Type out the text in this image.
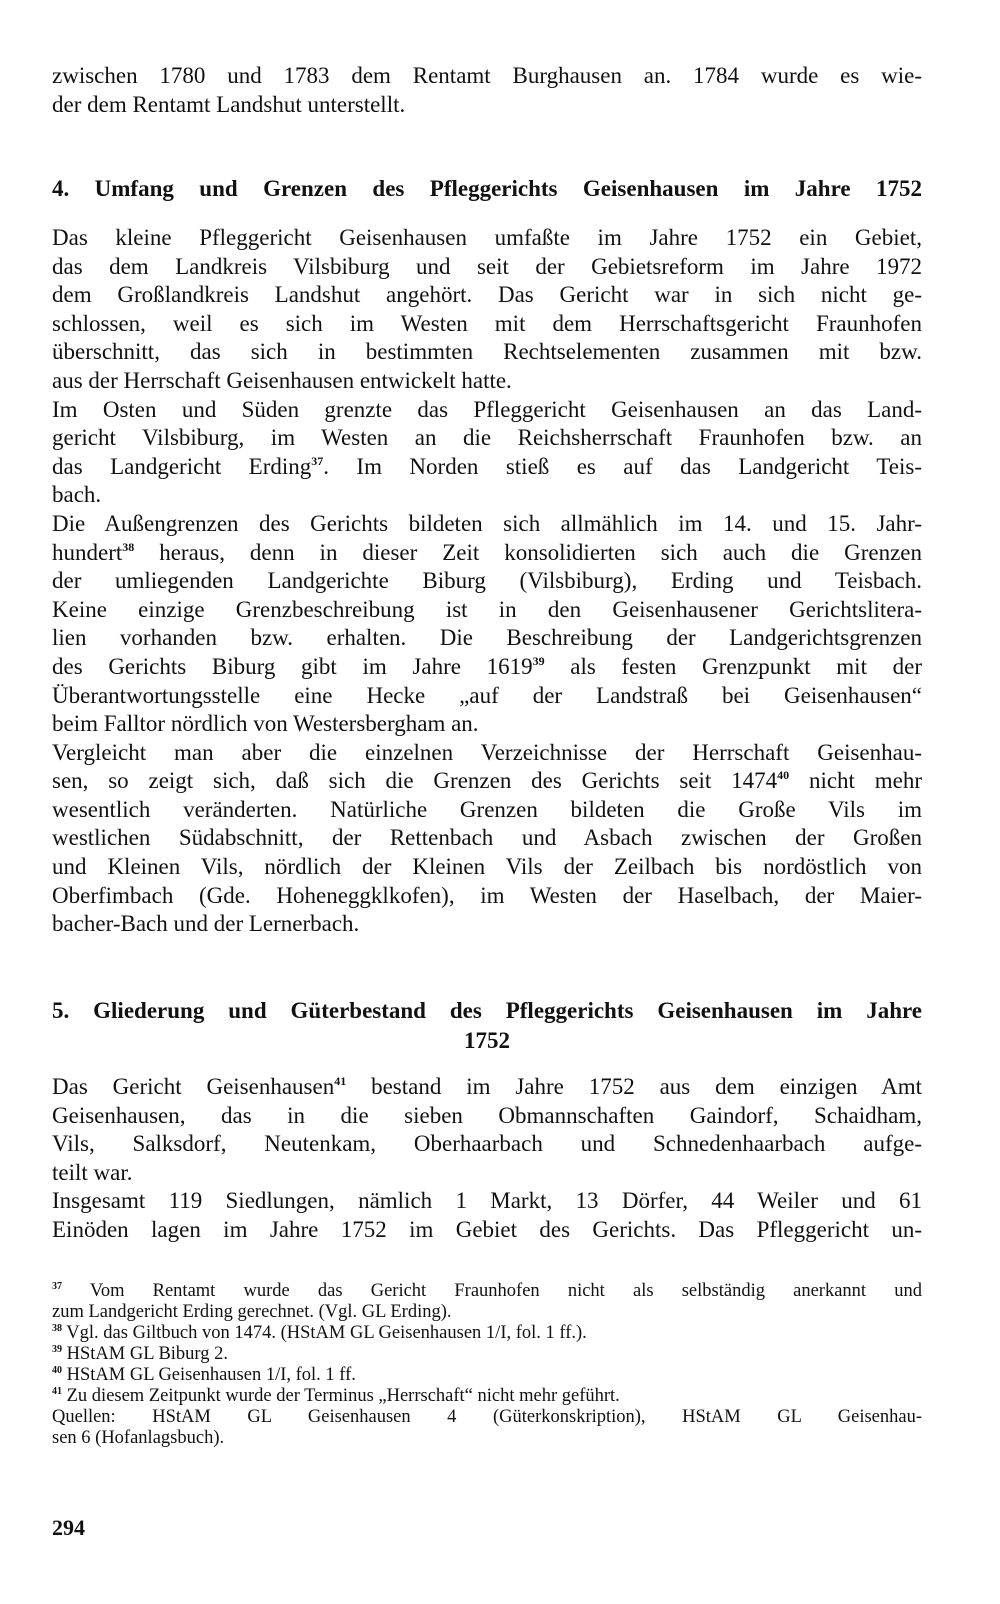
zwischen 1780 und 1783 dem Rentamt Burghausen an. 1784 wurde es wie-
der dem Rentamt Landshut unterstellt.
4. Umfang und Grenzen des Pfleggerichts Geisenhausen im Jahre 1752
Das kleine Pfleggericht Geisenhausen umfaßte im Jahre 1752 ein Gebiet,
das dem Landkreis Vilsbiburg und seit der Gebietsreform im Jahre 1972
dem Großlandkreis Landshut angehört. Das Gericht war in sich nicht ge-
schlossen, weil es sich im Westen mit dem Herrschaftsgericht Fraunhofen
überschnitt, das sich in bestimmten Rechtselementen zusammen mit bzw.
aus der Herrschaft Geisenhausen entwickelt hatte.
Im Osten und Süden grenzte das Pfleggericht Geisenhausen an das Land-
gericht Vilsbiburg, im Westen an die Reichsherrschaft Fraunhofen bzw. an
das Landgericht Erding$^{37}$. Im Norden stieß es auf das Landgericht Teis-
bach.
Die Außengrenzen des Gerichts bildeten sich allmählich im 14. und 15. Jahr-
hundert$^{38}$ heraus, denn in dieser Zeit konsolidierten sich auch die Grenzen
der umliegenden Landgerichte Biburg (Vilsbiburg), Erding und Teisbach.
Keine einzige Grenzbeschreibung ist in den Geisenhausener Gerichtslitera-
lien vorhanden bzw. erhalten. Die Beschreibung der Landgerichtsgrenzen
des Gerichts Biburg gibt im Jahre 1619$^{39}$ als festen Grenzpunkt mit der
Überantwortungsstelle eine Hecke „auf der Landstraß bei Geisenhausen“
beim Falltor nördlich von Westersbergham an.
Vergleicht man aber die einzelnen Verzeichnisse der Herrschaft Geisenhau-
sen, so zeigt sich, daß sich die Grenzen des Gerichts seit 1474$^{40}$ nicht mehr
wesentlich veränderten. Natürliche Grenzen bildeten die Große Vils im
westlichen Südabschnitt, der Rettenbach und Asbach zwischen der Großen
und Kleinen Vils, nördlich der Kleinen Vils der Zeilbach bis nordöstlich von
Oberfimbach (Gde. Hoheneggklkofen), im Westen der Haselbach, der Maier-
bacher-Bach und der Lernerbach.
5. Gliederung und Güterbestand des Pfleggerichts Geisenhausen im Jahre
1752
Das Gericht Geisenhausen$^{41}$ bestand im Jahre 1752 aus dem einzigen Amt
Geisenhausen, das in die sieben Obmannschaften Gaindorf, Schaidham,
Vils, Salksdorf, Neutenkam, Oberhaarbach und Schnedenhaarbach aufge-
teilt war.
Insgesamt 119 Siedlungen, nämlich 1 Markt, 13 Dörfer, 44 Weiler und 61
Einöden lagen im Jahre 1752 im Gebiet des Gerichts. Das Pfleggericht un-
$^{37}$ Vom Rentamt wurde das Gericht Fraunhofen nicht als selbständig anerkannt und
zum Landgericht Erding gerechnet. (Vgl. GL Erding).
$^{38}$ Vgl. das Giltbuch von 1474. (HStAM GL Geisenhausen 1/I, fol. 1 ff.).
$^{39}$ HStAM GL Biburg 2.
$^{40}$ HStAM GL Geisenhausen 1/I, fol. 1 ff.
$^{41}$ Zu diesem Zeitpunkt wurde der Terminus „Herrschaft“ nicht mehr geführt.
Quellen: HStAM GL Geisenhausen 4 (Güterkonskription), HStAM GL Geisenhau-
sen 6 (Hofanlagsbuch).
294
